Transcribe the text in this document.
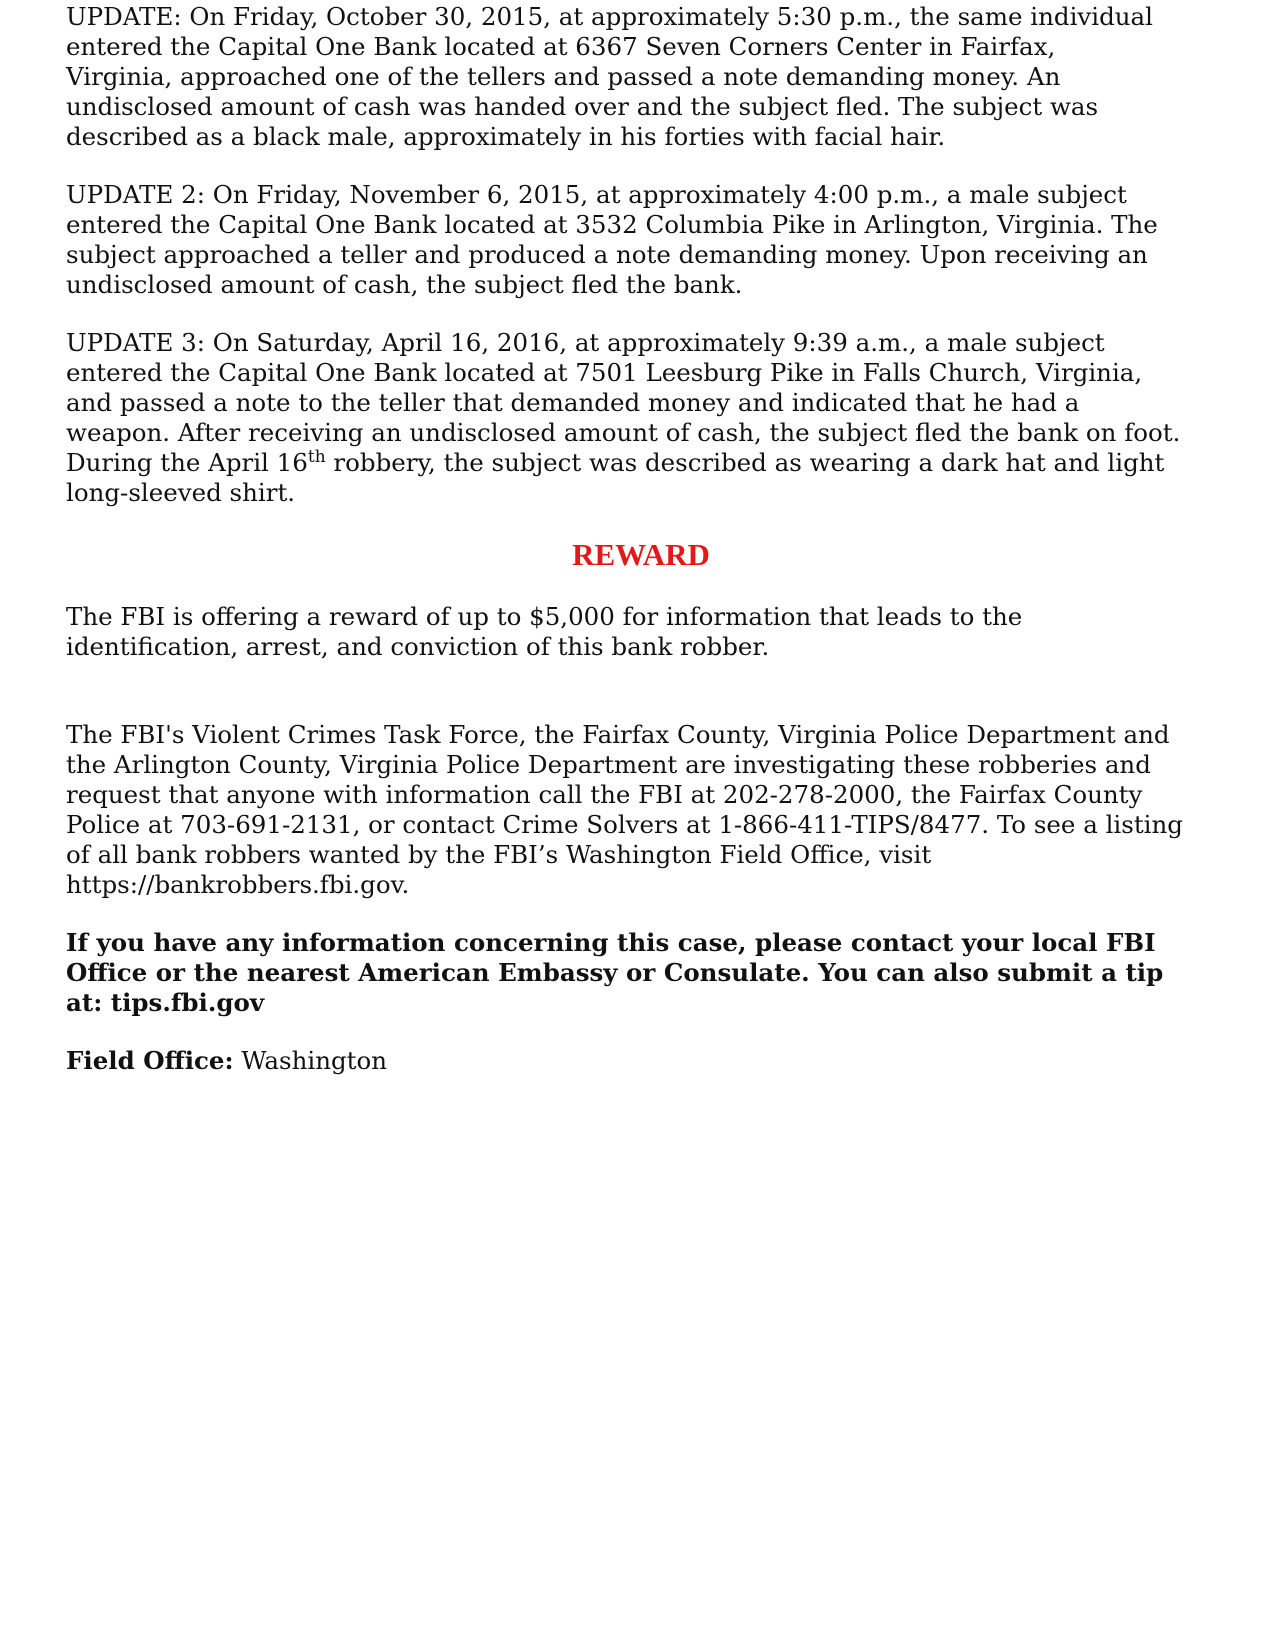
UPDATE: On Friday, October 30, 2015, at approximately 5:30 p.m., the same individual
entered the Capital One Bank located at 6367 Seven Corners Center in Fairfax,
Virginia, approached one of the tellers and passed a note demanding money. An
undisclosed amount of cash was handed over and the subject fled. The subject was
described as a black male, approximately in his forties with facial hair.

UPDATE 2: On Friday, November 6, 2015, at approximately 4:00 p.m., a male subject
entered the Capital One Bank located at 3532 Columbia Pike in Arlington, Virginia. The
subject approached a teller and produced a note demanding money. Upon receiving an
undisclosed amount of cash, the subject fled the bank.

UPDATE 3: On Saturday, April 16, 2016, at approximately 9:39 a.m., a male subject
entered the Capital One Bank located at 7501 Leesburg Pike in Falls Church, Virginia,
and passed a note to the teller that demanded money and indicated that he had a
weapon. After receiving an undisclosed amount of cash, the subject fled the bank on foot.
During the April 16th robbery, the subject was described as wearing a dark hat and light
long-sleeved shirt.

REWARD

The FBI is offering a reward of up to $5,000 for information that leads to the
identification, arrest, and conviction of this bank robber.

The FBI's Violent Crimes Task Force, the Fairfax County, Virginia Police Department and
the Arlington County, Virginia Police Department are investigating these robberies and
request that anyone with information call the FBI at 202-278-2000, the Fairfax County
Police at 703-691-2131, or contact Crime Solvers at 1-866-411-TIPS/8477. To see a listing
of all bank robbers wanted by the FBI’s Washington Field Office, visit
https://bankrobbers.fbi.gov.

If you have any information concerning this case, please contact your local FBI
Office or the nearest American Embassy or Consulate. You can also submit a tip
at: tips.fbi.gov

Field Office: Washington
